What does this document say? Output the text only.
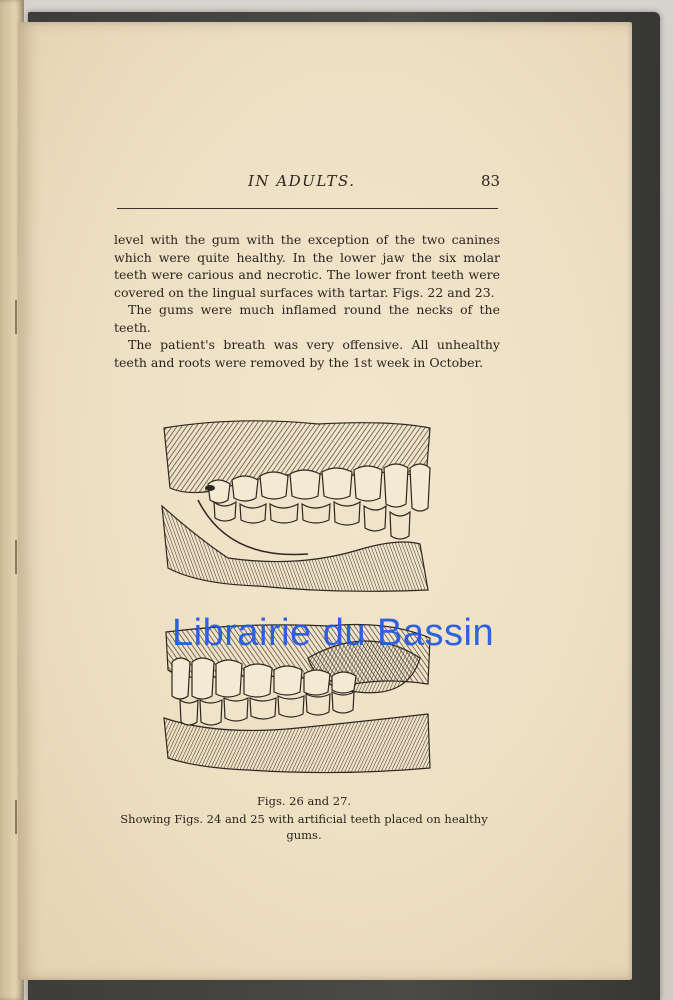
IN ADULTS.	83

level with the gum with the exception of the two canines which were quite healthy. In the lower jaw the six molar teeth were carious and necrotic. The lower front teeth were covered on the lingual surfaces with tartar. Figs. 22 and 23.

The gums were much inflamed round the necks of the teeth.

The patient's breath was very offensive. All unhealthy teeth and roots were removed by the 1st week in October.

Figs. 26 and 27.
Showing Figs. 24 and 25 with artificial teeth placed on healthy gums.
Librairie du Bassin
